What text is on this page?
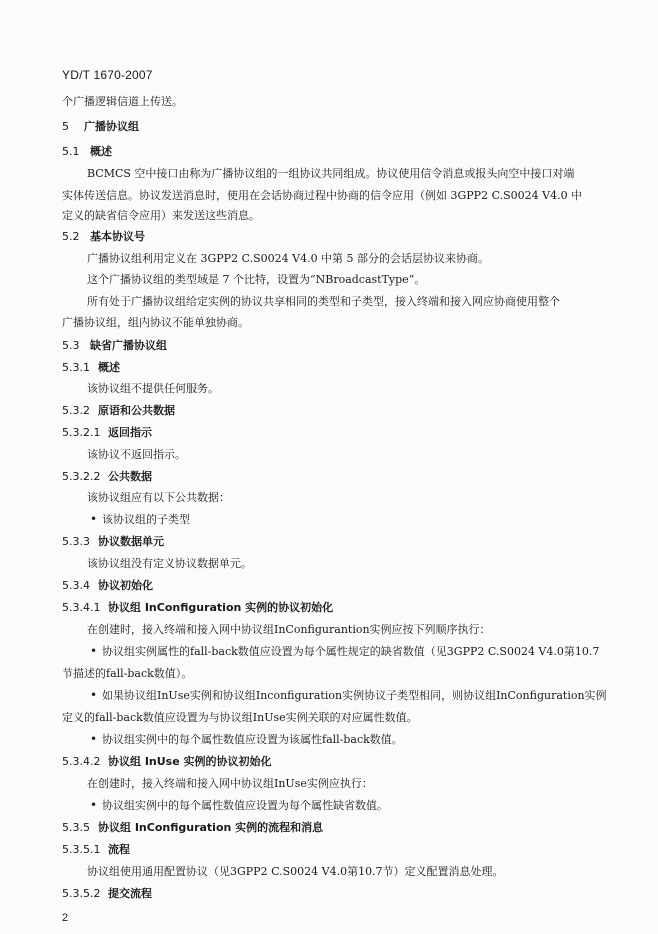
YD/T 1670-2007
个广播逻辑信道上传送。
5 广播协议组
5.1 概述
BCMCS 空中接口由称为广播协议组的一组协议共同组成。协议使用信令消息或报头向空中接口对端
实体传送信息。协议发送消息时，使用在会话协商过程中协商的信令应用（例如 3GPP2 C.S0024 V4.0 中
定义的缺省信令应用）来发送这些消息。
5.2 基本协议号
广播协议组利用定义在 3GPP2 C.S0024 V4.0 中第 5 部分的会话层协议来协商。
这个广播协议组的类型域是 7 个比特，设置为“NBroadcastType”。
所有处于广播协议组给定实例的协议共享相同的类型和子类型，接入终端和接入网应协商使用整个
广播协议组，组内协议不能单独协商。
5.3 缺省广播协议组
5.3.1 概述
该协议组不提供任何服务。
5.3.2 原语和公共数据
5.3.2.1 返回指示
该协议不返回指示。
5.3.2.2 公共数据
该协议组应有以下公共数据：
• 该协议组的子类型
5.3.3 协议数据单元
该协议组没有定义协议数据单元。
5.3.4 协议初始化
5.3.4.1 协议组 InConfiguration 实例的协议初始化
在创建时，接入终端和接入网中协议组InConfigurantion实例应按下列顺序执行：
• 协议组实例属性的fall-back数值应设置为每个属性规定的缺省数值（见3GPP2 C.S0024 V4.0第10.7
节描述的fall-back数值）。
• 如果协议组InUse实例和协议组Inconfiguration实例协议子类型相同，则协议组InConfiguration实例
定义的fall-back数值应设置为与协议组InUse实例关联的对应属性数值。
• 协议组实例中的每个属性数值应设置为该属性fall-back数值。
5.3.4.2 协议组 InUse 实例的协议初始化
在创建时，接入终端和接入网中协议组InUse实例应执行：
• 协议组实例中的每个属性数值应设置为每个属性缺省数值。
5.3.5 协议组 InConfiguration 实例的流程和消息
5.3.5.1 流程
协议组使用通用配置协议（见3GPP2 C.S0024 V4.0第10.7节）定义配置消息处理。
5.3.5.2 提交流程
2
